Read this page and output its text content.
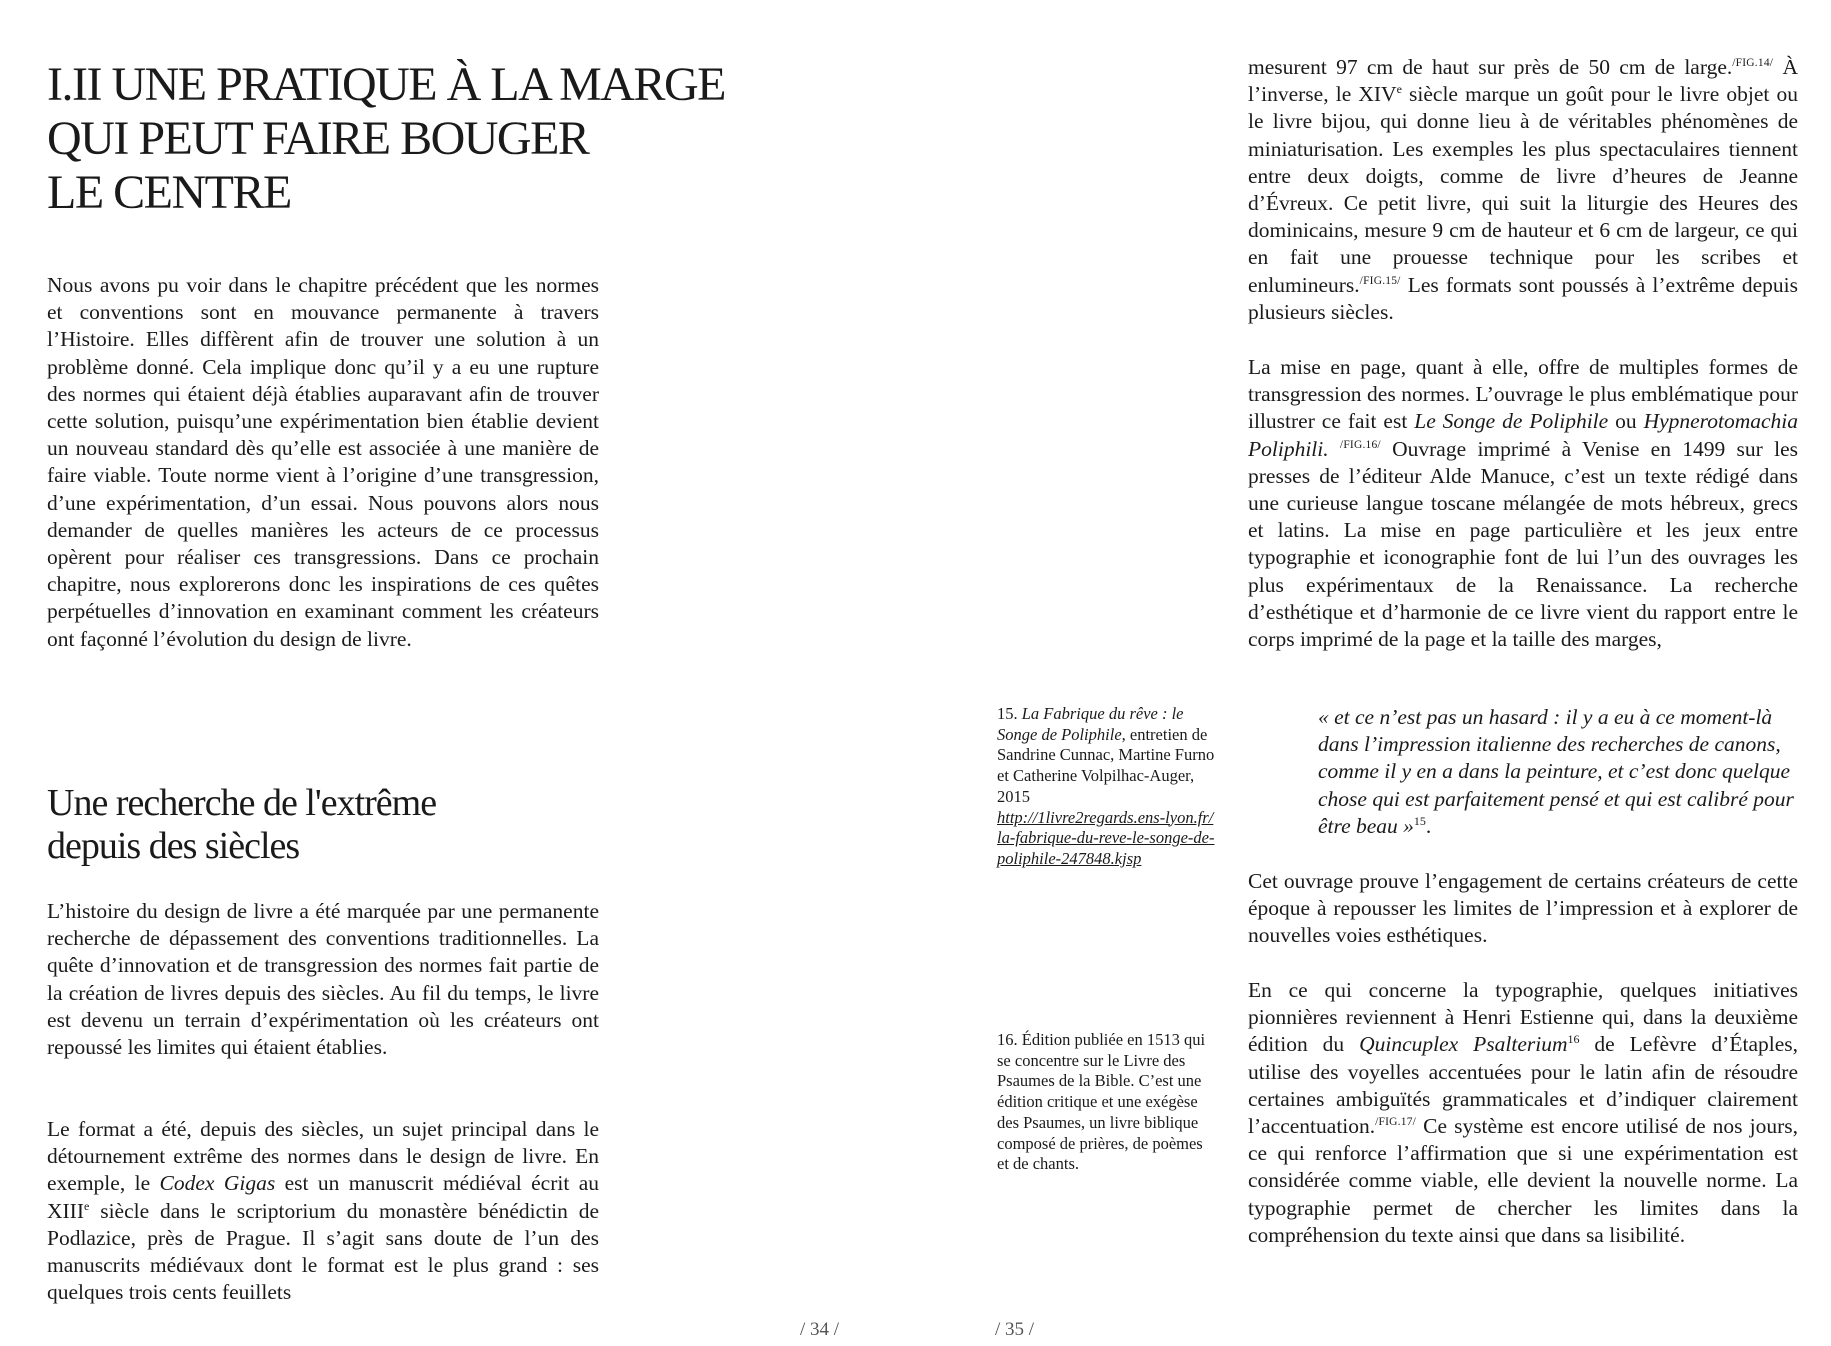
I.II UNE PRATIQUE À LA MARGE
QUI PEUT FAIRE BOUGER
LE CENTRE

Nous avons pu voir dans le chapitre précédent que les normes et conventions sont en mouvance permanente à travers l’Histoire. Elles diffèrent afin de trouver une solution à un problème donné. Cela implique donc qu’il y a eu une rupture des normes qui étaient déjà établies auparavant afin de trouver cette solution, puisqu’une expérimentation bien établie devient un nouveau standard dès qu’elle est associée à une manière de faire viable. Toute norme vient à l’origine d’une transgression, d’une expérimentation, d’un essai. Nous pouvons alors nous demander de quelles manières les acteurs de ce processus opèrent pour réaliser ces transgressions. Dans ce prochain chapitre, nous explorerons donc les inspirations de ces quêtes perpétuelles d’innovation en examinant comment les créateurs ont façonné l’évolution du design de livre.

Une recherche de l'extrême
depuis des siècles

L’histoire du design de livre a été marquée par une permanente recherche de dépassement des conventions traditionnelles. La quête d’innovation et de transgression des normes fait partie de la création de livres depuis des siècles. Au fil du temps, le livre est devenu un terrain d’expérimentation où les créateurs ont repoussé les limites qui étaient établies.

Le format a été, depuis des siècles, un sujet principal dans le détournement extrême des normes dans le design de livre. En exemple, le Codex Gigas est un manuscrit médiéval écrit au XIIIe siècle dans le scriptorium du monastère bénédictin de Podlazice, près de Prague. Il s’agit sans doute de l’un des manuscrits médiévaux dont le format est le plus grand : ses quelques trois cents feuillets

/ 34 /

mesurent 97 cm de haut sur près de 50 cm de large.$^{/FIG.14/}$ À l’inverse, le XIVe siècle marque un goût pour le livre objet ou le livre bijou, qui donne lieu à de véritables phénomènes de miniaturisation. Les exemples les plus spectaculaires tiennent entre deux doigts, comme de livre d’heures de Jeanne d’Évreux. Ce petit livre, qui suit la liturgie des Heures des dominicains, mesure 9 cm de hauteur et 6 cm de largeur, ce qui en fait une prouesse technique pour les scribes et enlumineurs.$^{/FIG.15/}$ Les formats sont poussés à l’extrême depuis plusieurs siècles.

La mise en page, quant à elle, offre de multiples formes de transgression des normes. L’ouvrage le plus emblématique pour illustrer ce fait est Le Songe de Poliphile ou Hypnerotomachia Poliphili. $^{/FIG.16/}$ Ouvrage imprimé à Venise en 1499 sur les presses de l’éditeur Alde Manuce, c’est un texte rédigé dans une curieuse langue toscane mélangée de mots hébreux, grecs et latins. La mise en page particulière et les jeux entre typographie et iconographie font de lui l’un des ouvrages les plus expérimentaux de la Renaissance. La recherche d’esthétique et d’harmonie de ce livre vient du rapport entre le corps imprimé de la page et la taille des marges,

15. La Fabrique du rêve : le Songe de Poliphile, entretien de Sandrine Cunnac, Martine Furno et Catherine Volpilhac-Auger, 2015
http://1livre2regards.ens-lyon.fr/la-fabrique-du-reve-le-songe-de-poliphile-247848.kjsp

« et ce n’est pas un hasard : il y a eu à ce moment-là dans l’impression italienne des recherches de canons, comme il y en a dans la peinture, et c’est donc quelque chose qui est parfaitement pensé et qui est calibré pour être beau »$^{15}$.

Cet ouvrage prouve l’engagement de certains créateurs de cette époque à repousser les limites de l’impression et à explorer de nouvelles voies esthétiques.

16. Édition publiée en 1513 qui se concentre sur le Livre des Psaumes de la Bible. C’est une édition critique et une exégèse des Psaumes, un livre biblique composé de prières, de poèmes et de chants.

En ce qui concerne la typographie, quelques initiatives pionnières reviennent à Henri Estienne qui, dans la deuxième édition du Quincuplex Psalterium$^{16}$ de Lefèvre d’Étaples, utilise des voyelles accentuées pour le latin afin de résoudre certaines ambiguïtés grammaticales et d’indiquer clairement l’accentuation.$^{/FIG.17/}$ Ce système est encore utilisé de nos jours, ce qui renforce l’affirmation que si une expérimentation est considérée comme viable, elle devient la nouvelle norme. La typographie permet de chercher les limites dans la compréhension du texte ainsi que dans sa lisibilité.

/ 35 /
